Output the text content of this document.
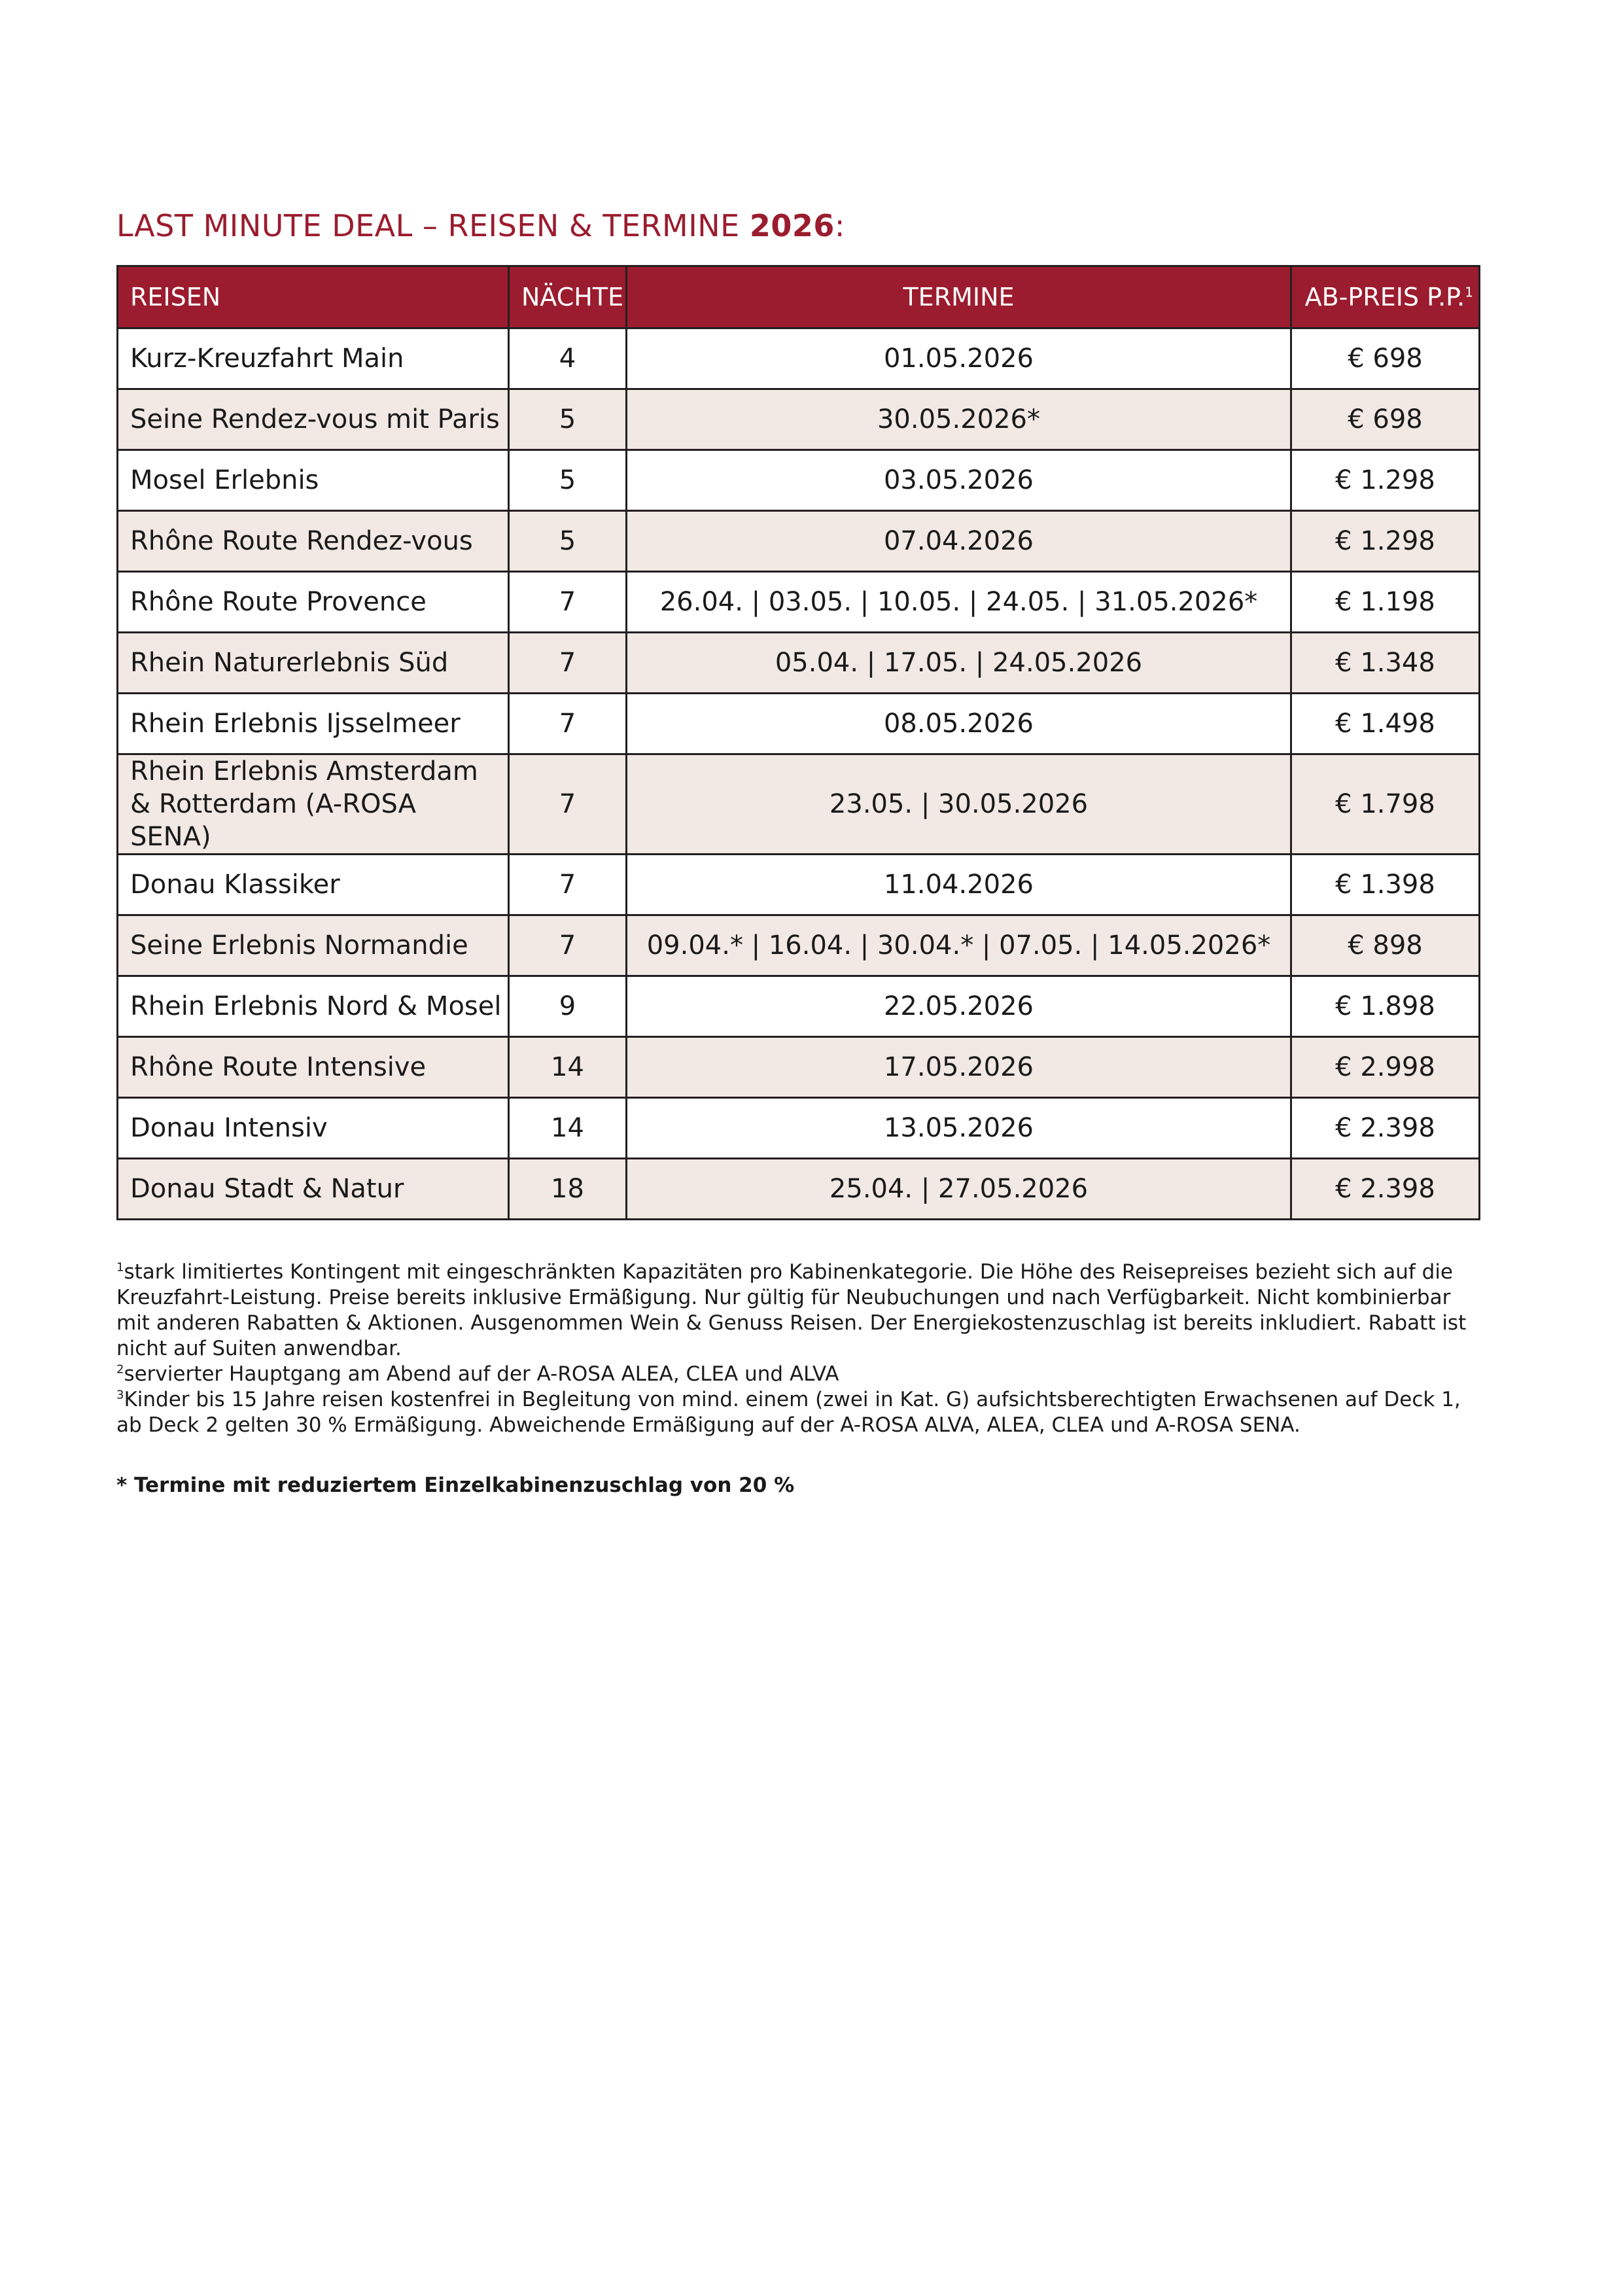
LAST MINUTE DEAL – REISEN & TERMINE 2026:
REISEN	NÄCHTE	TERMINE	AB-PREIS P.P.$^1$
Kurz-Kreuzfahrt Main	4	01.05.2026	€ 698
Seine Rendez-vous mit Paris	5	30.05.2026*	€ 698
Mosel Erlebnis	5	03.05.2026	€ 1.298
Rhône Route Rendez-vous	5	07.04.2026	€ 1.298
Rhône Route Provence	7	26.04. | 03.05. | 10.05. | 24.05. | 31.05.2026*	€ 1.198
Rhein Naturerlebnis Süd	7	05.04. | 17.05. | 24.05.2026	€ 1.348
Rhein Erlebnis Ijsselmeer	7	08.05.2026	€ 1.498
Rhein Erlebnis Amsterdam & Rotterdam (A-ROSA SENA)	7	23.05. | 30.05.2026	€ 1.798
Donau Klassiker	7	11.04.2026	€ 1.398
Seine Erlebnis Normandie	7	09.04.* | 16.04. | 30.04.* | 07.05. | 14.05.2026*	€ 898
Rhein Erlebnis Nord & Mosel	9	22.05.2026	€ 1.898
Rhône Route Intensive	14	17.05.2026	€ 2.998
Donau Intensiv	14	13.05.2026	€ 2.398
Donau Stadt & Natur	18	25.04. | 27.05.2026	€ 2.398

$^1$stark limitiertes Kontingent mit eingeschränkten Kapazitäten pro Kabinenkategorie. Die Höhe des Reisepreises bezieht sich auf die Kreuzfahrt-Leistung. Preise bereits inklusive Ermäßigung. Nur gültig für Neubuchungen und nach Verfügbarkeit. Nicht kombinierbar mit anderen Rabatten & Aktionen. Ausgenommen Wein & Genuss Reisen. Der Energiekostenzuschlag ist bereits inkludiert. Rabatt ist nicht auf Suiten anwendbar.

$^2$servierter Hauptgang am Abend auf der A-ROSA ALEA, CLEA und ALVA

$^3$Kinder bis 15 Jahre reisen kostenfrei in Begleitung von mind. einem (zwei in Kat. G) aufsichtsberechtigten Erwachsenen auf Deck 1, ab Deck 2 gelten 30 % Ermäßigung. Abweichende Ermäßigung auf der A-ROSA ALVA, ALEA, CLEA und A-ROSA SENA.

* Termine mit reduziertem Einzelkabinenzuschlag von 20 %
